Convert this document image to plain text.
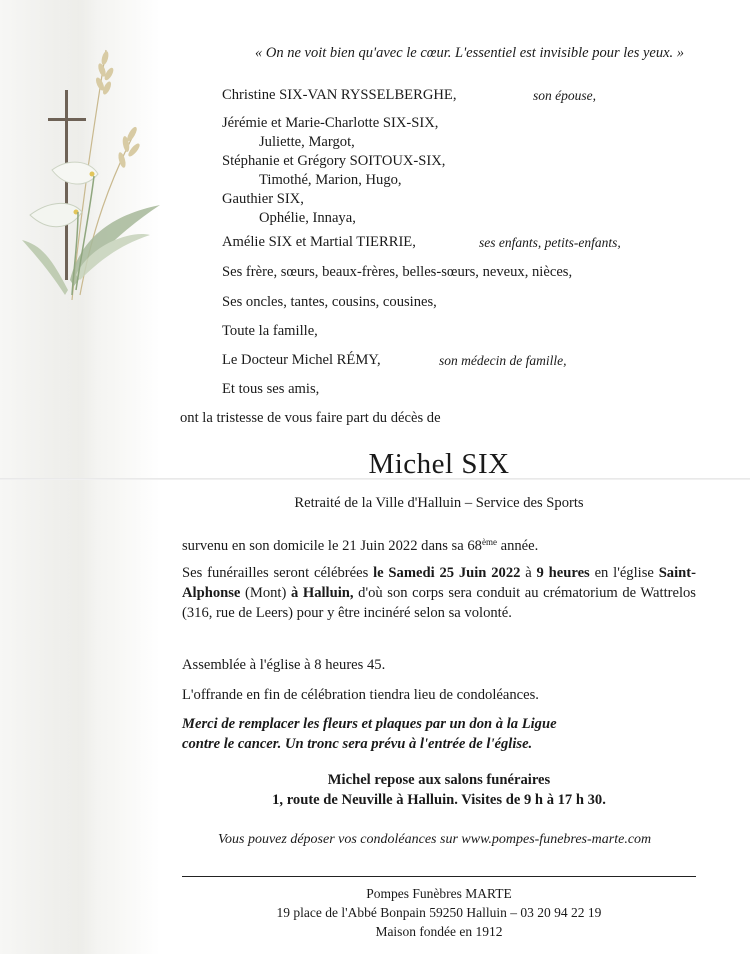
« On ne voit bien qu'avec le cœur. L'essentiel est invisible pour les yeux. »
Christine SIX-VAN RYSSELBERGHE,	son épouse,
Jérémie et Marie-Charlotte SIX-SIX,
Juliette, Margot,
Stéphanie et Grégory SOITOUX-SIX,
Timothé, Marion, Hugo,
Gauthier SIX,
Ophélie, Innaya,
Amélie SIX et Martial TIERRIE,	ses enfants, petits-enfants,
Ses frère, sœurs, beaux-frères, belles-sœurs, neveux, nièces,
Ses oncles, tantes, cousins, cousines,
Toute la famille,
Le Docteur Michel RÉMY,	son médecin de famille,
Et tous ses amis,
ont la tristesse de vous faire part du décès de
Michel SIX
Retraité de la Ville d'Halluin – Service des Sports
survenu en son domicile le 21 Juin 2022 dans sa 68ème année.
Ses funérailles seront célébrées le Samedi 25 Juin 2022 à 9 heures en l'église Saint-Alphonse (Mont) à Halluin, d'où son corps sera conduit au crématorium de Wattrelos (316, rue de Leers) pour y être incinéré selon sa volonté.
Assemblée à l'église à 8 heures 45.
L'offrande en fin de célébration tiendra lieu de condoléances.
Merci de remplacer les fleurs et plaques par un don à la Ligue
contre le cancer. Un tronc sera prévu à l'entrée de l'église.
Michel repose aux salons funéraires
1, route de Neuville à Halluin. Visites de 9 h à 17 h 30.
Vous pouvez déposer vos condoléances sur www.pompes-funebres-marte.com
Pompes Funèbres MARTE
19 place de l'Abbé Bonpain 59250 Halluin – 03 20 94 22 19
Maison fondée en 1912
